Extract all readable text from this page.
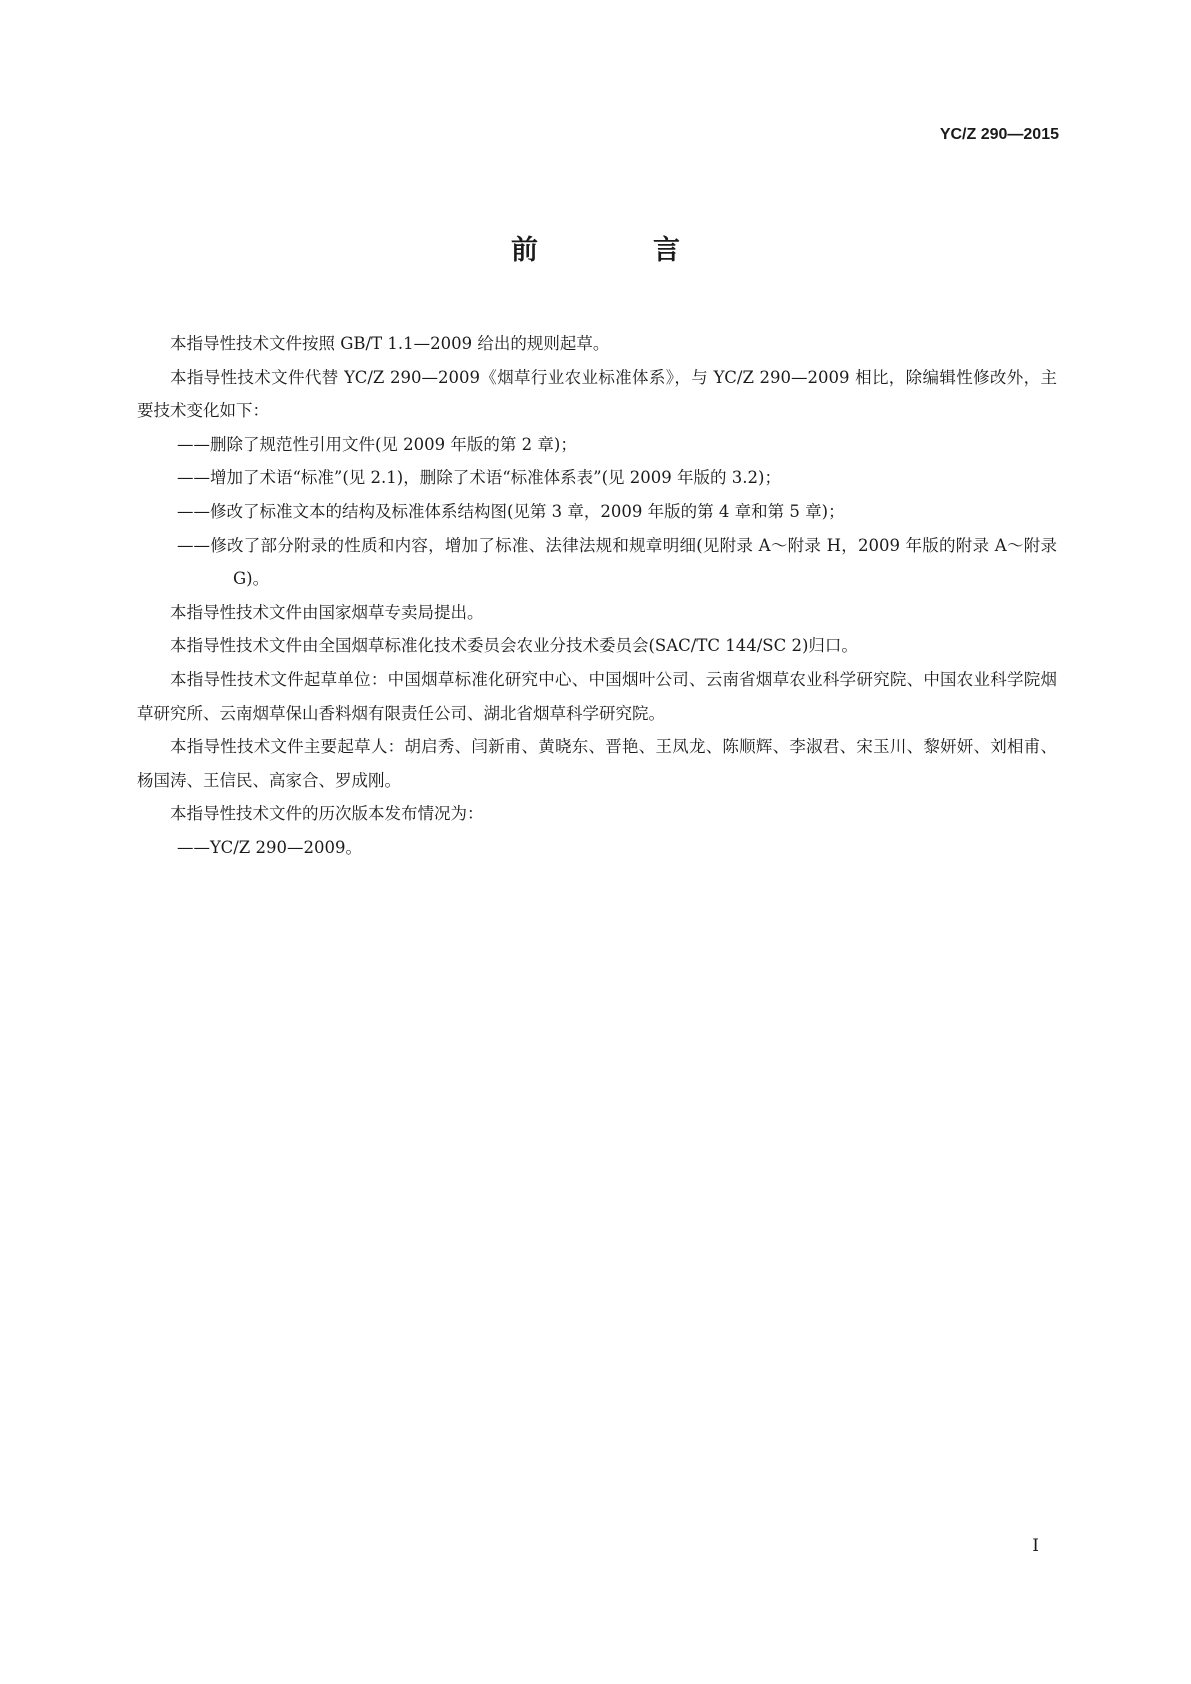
YC/Z 290—2015
前　言

本指导性技术文件按照 GB/T 1.1—2009 给出的规则起草。

本指导性技术文件代替 YC/Z 290—2009《烟草行业农业标准体系》，与 YC/Z 290—2009 相比，除编辑性修改外，主要技术变化如下：

——删除了规范性引用文件(见 2009 年版的第 2 章)；

——增加了术语“标准”(见 2.1)，删除了术语“标准体系表”(见 2009 年版的 3.2)；

——修改了标准文本的结构及标准体系结构图(见第 3 章，2009 年版的第 4 章和第 5 章)；

——修改了部分附录的性质和内容，增加了标准、法律法规和规章明细(见附录 A～附录 H，2009 年版的附录 A～附录 G)。

本指导性技术文件由国家烟草专卖局提出。

本指导性技术文件由全国烟草标准化技术委员会农业分技术委员会(SAC/TC 144/SC 2)归口。

本指导性技术文件起草单位：中国烟草标准化研究中心、中国烟叶公司、云南省烟草农业科学研究院、中国农业科学院烟草研究所、云南烟草保山香料烟有限责任公司、湖北省烟草科学研究院。

本指导性技术文件主要起草人：胡启秀、闫新甫、黄晓东、晋艳、王凤龙、陈顺辉、李淑君、宋玉川、黎妍妍、刘相甫、杨国涛、王信民、高家合、罗成刚。

本指导性技术文件的历次版本发布情况为：

——YC/Z 290—2009。

I
